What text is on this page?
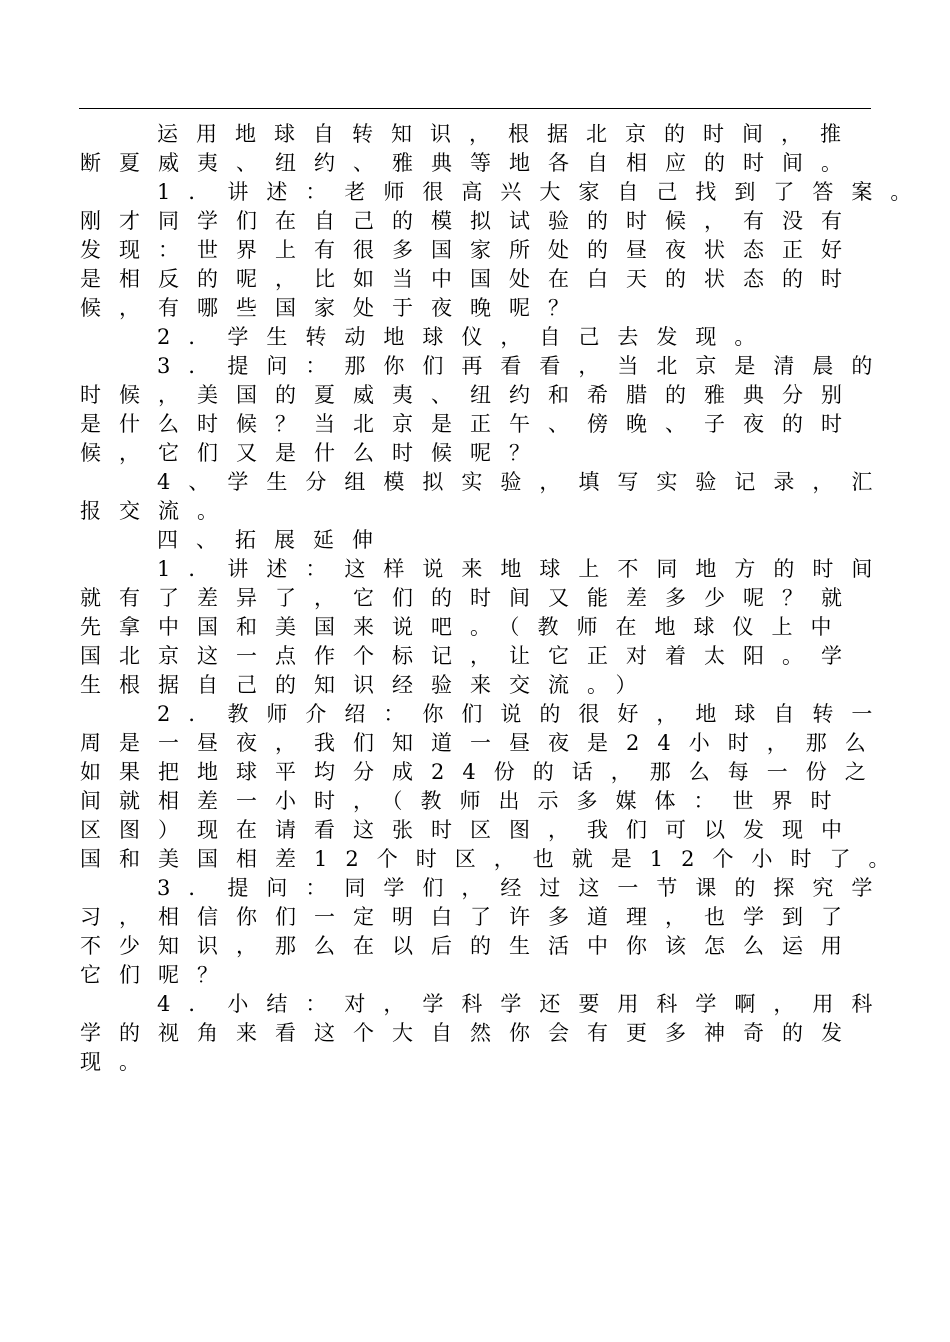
运用地球自转知识，根据北京的时间，推
断夏威夷、纽约、雅典等地各自相应的时间。
1．讲述：老师很高兴大家自己找到了答案。
刚才同学们在自己的模拟试验的时候，有没有
发现：世界上有很多国家所处的昼夜状态正好
是相反的呢，比如当中国处在白天的状态的时
候，有哪些国家处于夜晚呢？
2．学生转动地球仪，自己去发现。
3．提问：那你们再看看，当北京是清晨的
时候，美国的夏威夷、纽约和希腊的雅典分别
是什么时候？当北京是正午、傍晚、子夜的时
候，它们又是什么时候呢？
4、学生分组模拟实验，填写实验记录，汇
报交流。
四、拓展延伸
1．讲述：这样说来地球上不同地方的时间
就有了差异了，它们的时间又能差多少呢？就
先拿中国和美国来说吧。（教师在地球仪上中
国北京这一点作个标记，让它正对着太阳。学
生根据自己的知识经验来交流。）
2．教师介绍：你们说的很好，地球自转一
周是一昼夜，我们知道一昼夜是24小时，那么
如果把地球平均分成24份的话，那么每一份之
间就相差一小时，（教师出示多媒体：世界时
区图）现在请看这张时区图，我们可以发现中
国和美国相差12个时区，也就是12个小时了。
3．提问：同学们，经过这一节课的探究学
习，相信你们一定明白了许多道理，也学到了
不少知识，那么在以后的生活中你该怎么运用
它们呢？
4．小结：对，学科学还要用科学啊，用科
学的视角来看这个大自然你会有更多神奇的发
现。
